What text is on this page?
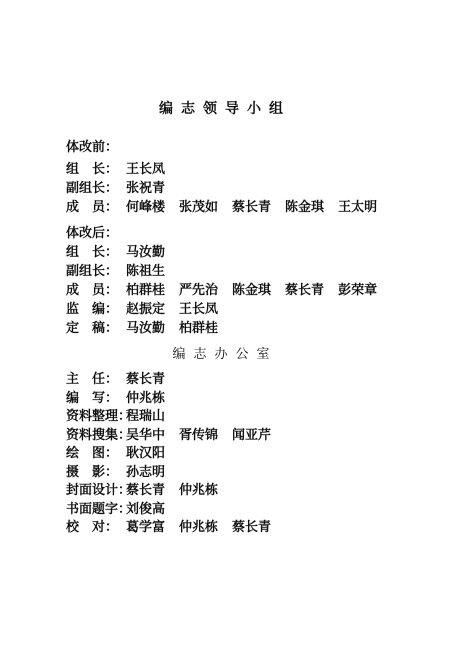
编志领导小组
体改前：
组　长： 王长凤
副组长： 张祝青
成　员： 何峰楼 张茂如 蔡长青 陈金琪 王太明
体改后：
组　长： 马汝勤
副组长： 陈祖生
成　员： 柏群桂 严先治 陈金琪 蔡长青 彭荣章
监　编： 赵振定 王长凤
定　稿： 马汝勤 柏群桂
编志办公室
主　任： 蔡长青
编　写： 仲兆栋
资料整理：程瑞山
资料搜集：吴华中 胥传锦 闻亚芹
绘　图： 耿汉阳
摄　影： 孙志明
封面设计：蔡长青 仲兆栋
书面题字：刘俊高
校　对： 葛学富 仲兆栋 蔡长青
